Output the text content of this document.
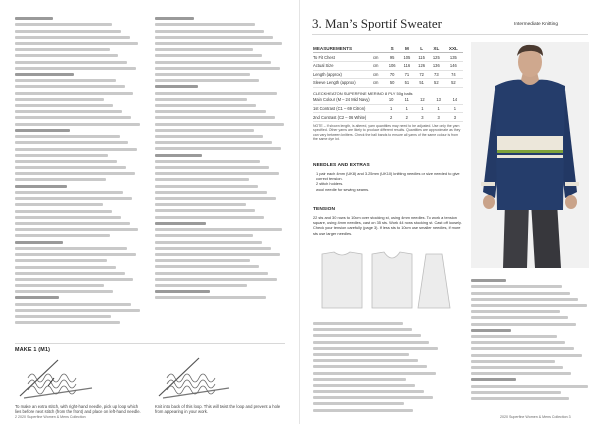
MAKE 1 (M1)
To make an extra stitch, with right-hand needle, pick up loop which lies before next stitch (from the front) and place on left-hand needle.
Knit into back of this loop. This will twist the loop and prevent a hole from appearing in your work.
2 2020 Superfine Women & Mens Collection
3. Man’s Sportif Sweater	Intermediate Knitting
MEASUREMENTS		S	M	L	XL	XXL
To Fit Chest	cm	95	105	115	125	135
Actual Size	cm	106	116	126	136	146
Length (approx)	cm	70	71	72	73	74
Sleeve Length (approx)	cm	50	51	51	52	52
CLECKHEATON SUPERFINE MERINO 8 PLY 50g balls
Main Colour (M – 24 Mid Navy)	10	11	12	13	14
1st Contrast (C1 – 69 Citron)	1	1	1	1	1
2nd Contrast (C2 – 06 White)	2	2	3	3	3
NOTE – If shown length, is altered, yarn quantities may need to be adjusted. Use only the yarn specified. Other yarns are likely to produce different results. Quantities are approximate as they can vary between knitters. Check the ball bands to ensure all yarns of the same colour is from the same dye lot.
NEEDLES AND EXTRAS
1 pair each 4mm (UK8) and 3.25mm (UK10) knitting needles or size needed to give correct tension.
2 stitch holders.
wool needle for sewing seams.
TENSION
22 sts and 30 rows to 10cm over stocking st, using 4mm needles. To work a tension square, using 4mm needles, cast on 35 sts. Work 44 rows stocking st. Cast off loosely. Check your tension carefully (page 3). If less sts to 10cm use smaller needles, if more sts use larger needles.
2020 Superfine Women & Mens Collection 3
